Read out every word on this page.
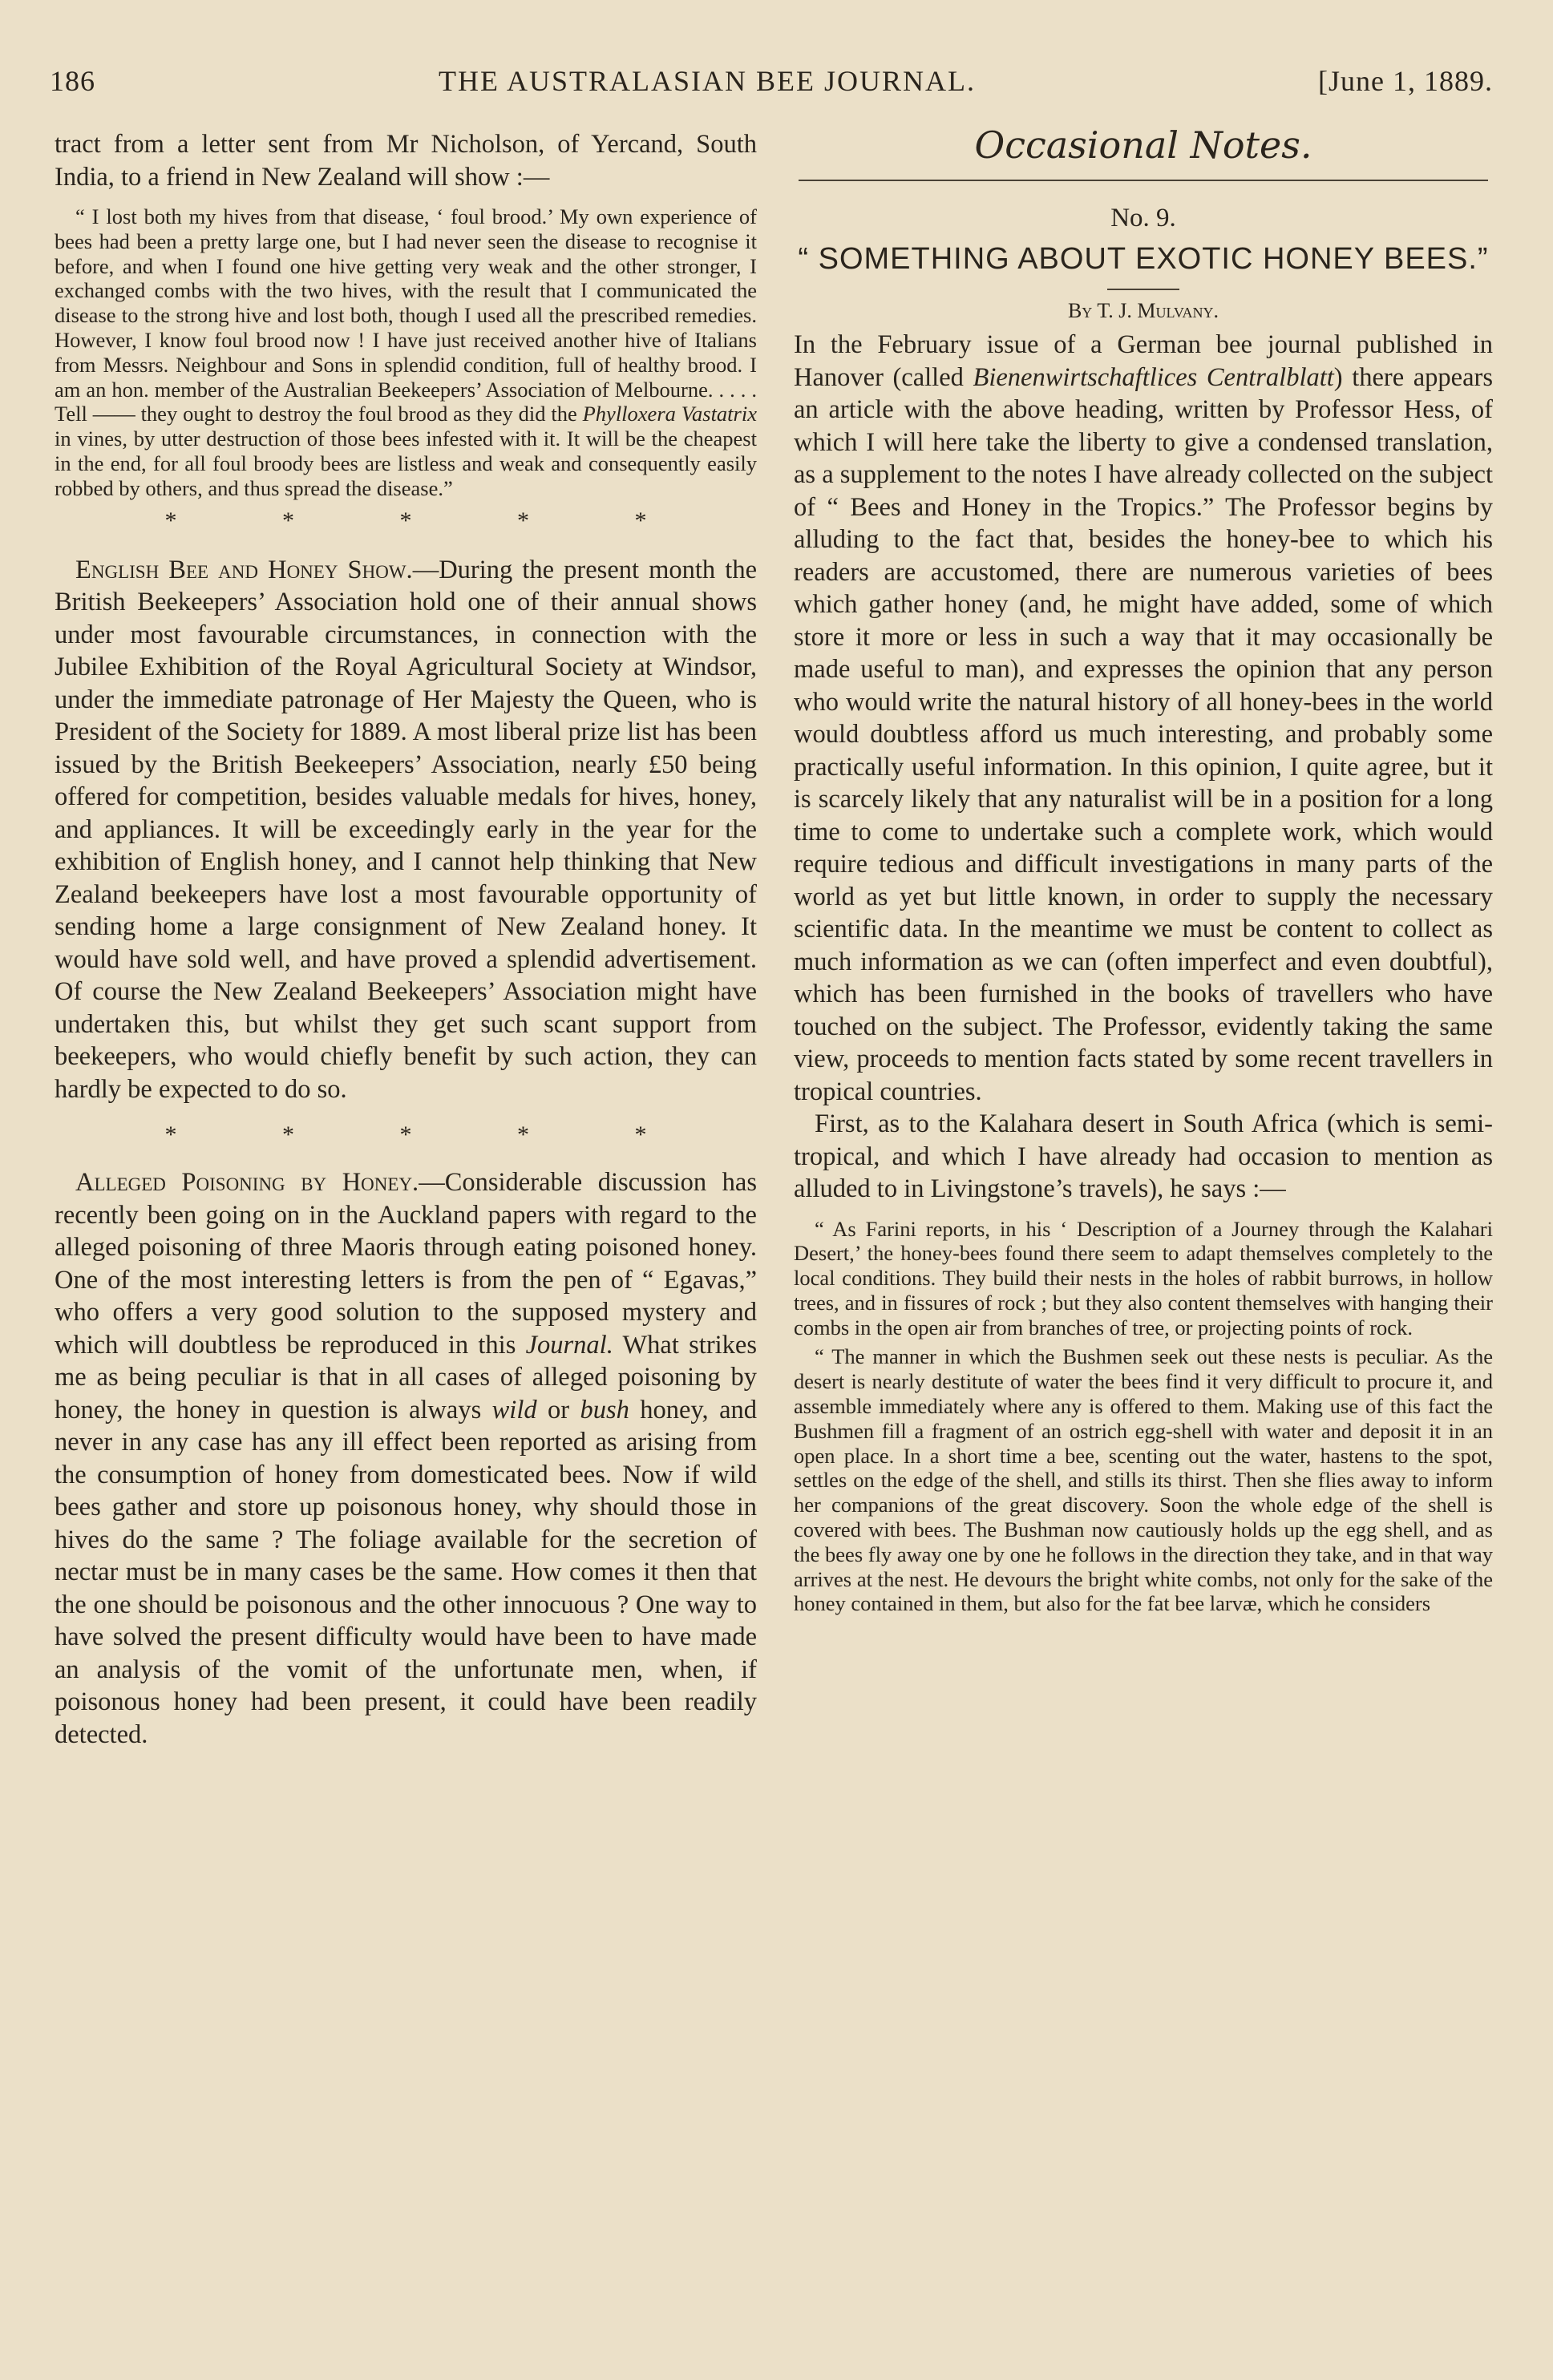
186	THE AUSTRALASIAN BEE JOURNAL.	[June 1, 1889.

tract from a letter sent from Mr Nicholson, of Yercand, South India, to a friend in New Zealand will show :—

“ I lost both my hives from that disease, ‘ foul brood.’ My own experience of bees had been a pretty large one, but I had never seen the disease to recognise it before, and when I found one hive getting very weak and the other stronger, I exchanged combs with the two hives, with the result that I communicated the disease to the strong hive and lost both, though I used all the prescribed remedies. However, I know foul brood now ! I have just received another hive of Italians from Messrs. Neighbour and Sons in splendid condition, full of healthy brood. I am an hon. member of the Australian Beekeepers’ Association of Melbourne. . . . . Tell —— they ought to destroy the foul brood as they did the Phylloxera Vastatrix in vines, by utter destruction of those bees infested with it. It will be the cheapest in the end, for all foul broody bees are listless and weak and consequently easily robbed by others, and thus spread the disease.”

* * * * *

English Bee and Honey Show.—During the present month the British Beekeepers’ Association hold one of their annual shows under most favourable circumstances, in connection with the Jubilee Exhibition of the Royal Agricultural Society at Windsor, under the immediate patronage of Her Majesty the Queen, who is President of the Society for 1889. A most liberal prize list has been issued by the British Beekeepers’ Association, nearly £50 being offered for competition, besides valuable medals for hives, honey, and appliances. It will be exceedingly early in the year for the exhibition of English honey, and I cannot help thinking that New Zealand beekeepers have lost a most favourable opportunity of sending home a large consignment of New Zealand honey. It would have sold well, and have proved a splendid advertisement. Of course the New Zealand Beekeepers’ Association might have undertaken this, but whilst they get such scant support from beekeepers, who would chiefly benefit by such action, they can hardly be expected to do so.

* * * * *

Alleged Poisoning by Honey.—Considerable discussion has recently been going on in the Auckland papers with regard to the alleged poisoning of three Maoris through eating poisoned honey. One of the most interesting letters is from the pen of “ Egavas,” who offers a very good solution to the supposed mystery and which will doubtless be reproduced in this Journal. What strikes me as being peculiar is that in all cases of alleged poisoning by honey, the honey in question is always wild or bush honey, and never in any case has any ill effect been reported as arising from the consumption of honey from domesticated bees. Now if wild bees gather and store up poisonous honey, why should those in hives do the same ? The foliage available for the secretion of nectar must be in many cases be the same. How comes it then that the one should be poisonous and the other innocuous ? One way to have solved the present difficulty would have been to have made an analysis of the vomit of the unfortunate men, when, if poisonous honey had been present, it could have been readily detected.

Occasional Notes.
No. 9.
“ SOMETHING ABOUT EXOTIC HONEY BEES.”
By T. J. Mulvany.

In the February issue of a German bee journal published in Hanover (called Bienenwirtschaftlices Centralblatt) there appears an article with the above heading, written by Professor Hess, of which I will here take the liberty to give a condensed translation, as a supplement to the notes I have already collected on the subject of “ Bees and Honey in the Tropics.” The Professor begins by alluding to the fact that, besides the honey-bee to which his readers are accustomed, there are numerous varieties of bees which gather honey (and, he might have added, some of which store it more or less in such a way that it may occasionally be made useful to man), and expresses the opinion that any person who would write the natural history of all honey-bees in the world would doubtless afford us much interesting, and probably some practically useful information. In this opinion, I quite agree, but it is scarcely likely that any naturalist will be in a position for a long time to come to undertake such a complete work, which would require tedious and difficult investigations in many parts of the world as yet but little known, in order to supply the necessary scientific data. In the meantime we must be content to collect as much information as we can (often imperfect and even doubtful), which has been furnished in the books of travellers who have touched on the subject. The Professor, evidently taking the same view, proceeds to mention facts stated by some recent travellers in tropical countries.

First, as to the Kalahara desert in South Africa (which is semi-tropical, and which I have already had occasion to mention as alluded to in Livingstone’s travels), he says :—

“ As Farini reports, in his ‘ Description of a Journey through the Kalahari Desert,’ the honey-bees found there seem to adapt themselves completely to the local conditions. They build their nests in the holes of rabbit burrows, in hollow trees, and in fissures of rock ; but they also content themselves with hanging their combs in the open air from branches of tree, or projecting points of rock.

“ The manner in which the Bushmen seek out these nests is peculiar. As the desert is nearly destitute of water the bees find it very difficult to procure it, and assemble immediately where any is offered to them. Making use of this fact the Bushmen fill a fragment of an ostrich egg-shell with water and deposit it in an open place. In a short time a bee, scenting out the water, hastens to the spot, settles on the edge of the shell, and stills its thirst. Then she flies away to inform her companions of the great discovery. Soon the whole edge of the shell is covered with bees. The Bushman now cautiously holds up the egg shell, and as the bees fly away one by one he follows in the direction they take, and in that way arrives at the nest. He devours the bright white combs, not only for the sake of the honey contained in them, but also for the fat bee larvæ, which he considers
